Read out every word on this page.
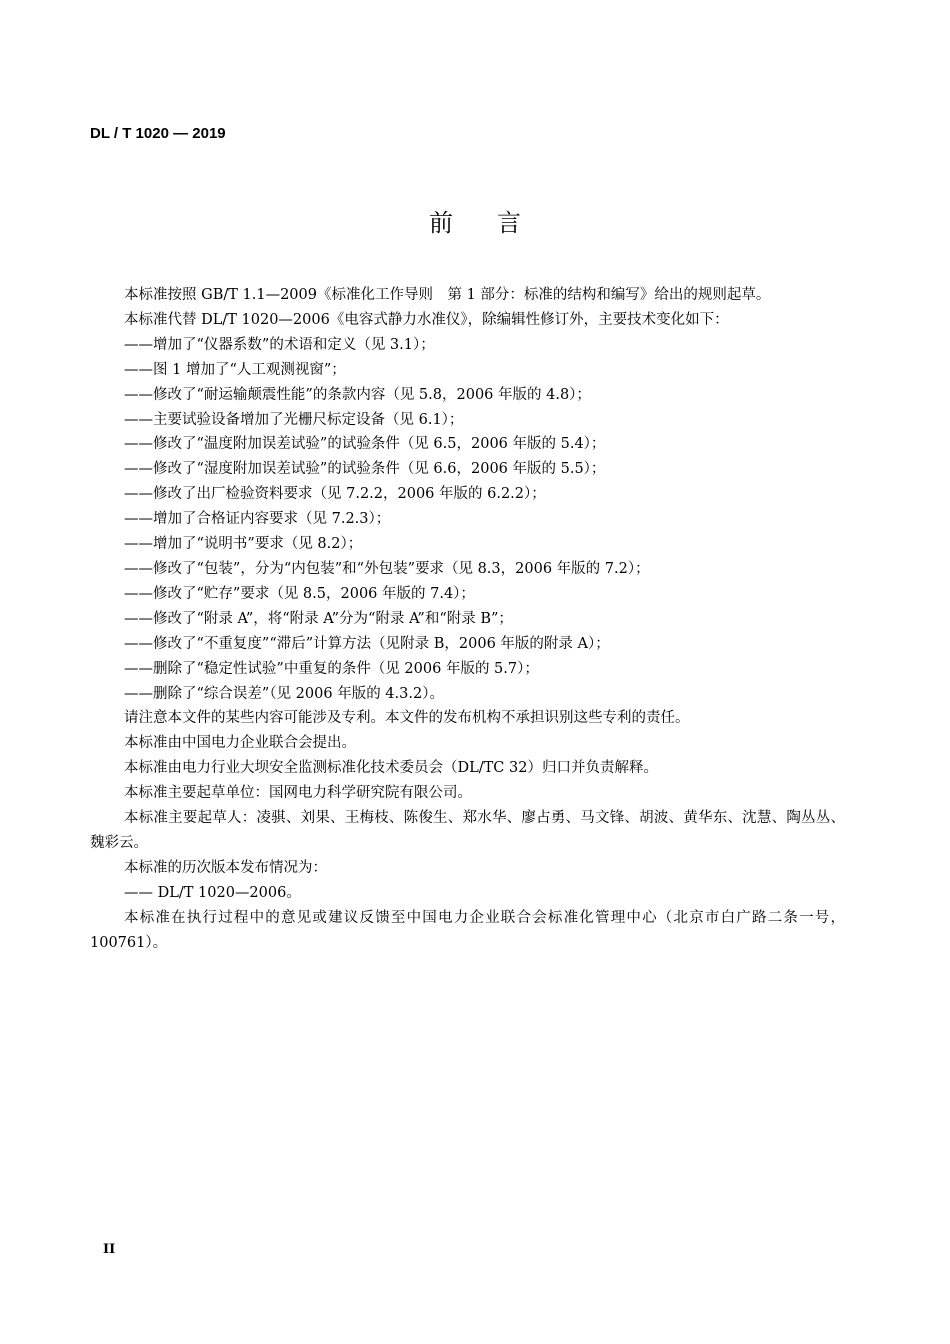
DL / T 1020 — 2019
前言

本标准按照 GB/T 1.1—2009《标准化工作导则　第 1 部分：标准的结构和编写》给出的规则起草。

本标准代替 DL/T 1020—2006《电容式静力水准仪》，除编辑性修订外，主要技术变化如下：

——增加了“仪器系数”的术语和定义（见 3.1）；

——图 1 增加了“人工观测视窗”；

——修改了“耐运输颠震性能”的条款内容（见 5.8，2006 年版的 4.8）；

——主要试验设备增加了光栅尺标定设备（见 6.1）；

——修改了“温度附加误差试验”的试验条件（见 6.5，2006 年版的 5.4）；

——修改了“湿度附加误差试验”的试验条件（见 6.6，2006 年版的 5.5）；

——修改了出厂检验资料要求（见 7.2.2，2006 年版的 6.2.2）；

——增加了合格证内容要求（见 7.2.3）；

——增加了“说明书”要求（见 8.2）；

——修改了“包装”，分为“内包装”和“外包装”要求（见 8.3，2006 年版的 7.2）；

——修改了“贮存”要求（见 8.5，2006 年版的 7.4）；

——修改了“附录 A”，将“附录 A”分为“附录 A”和“附录 B”；

——修改了“不重复度”“滞后”计算方法（见附录 B，2006 年版的附录 A）；

——删除了“稳定性试验”中重复的条件（见 2006 年版的 5.7）；

——删除了“综合误差”（见 2006 年版的 4.3.2）。

请注意本文件的某些内容可能涉及专利。本文件的发布机构不承担识别这些专利的责任。

本标准由中国电力企业联合会提出。

本标准由电力行业大坝安全监测标准化技术委员会（DL/TC 32）归口并负责解释。

本标准主要起草单位：国网电力科学研究院有限公司。

本标准主要起草人：凌骐、刘果、王梅枝、陈俊生、郑水华、廖占勇、马文锋、胡波、黄华东、沈慧、陶丛丛、魏彩云。

本标准的历次版本发布情况为：

—— DL/T 1020—2006。

本标准在执行过程中的意见或建议反馈至中国电力企业联合会标准化管理中心（北京市白广路二条一号，100761）。

II
